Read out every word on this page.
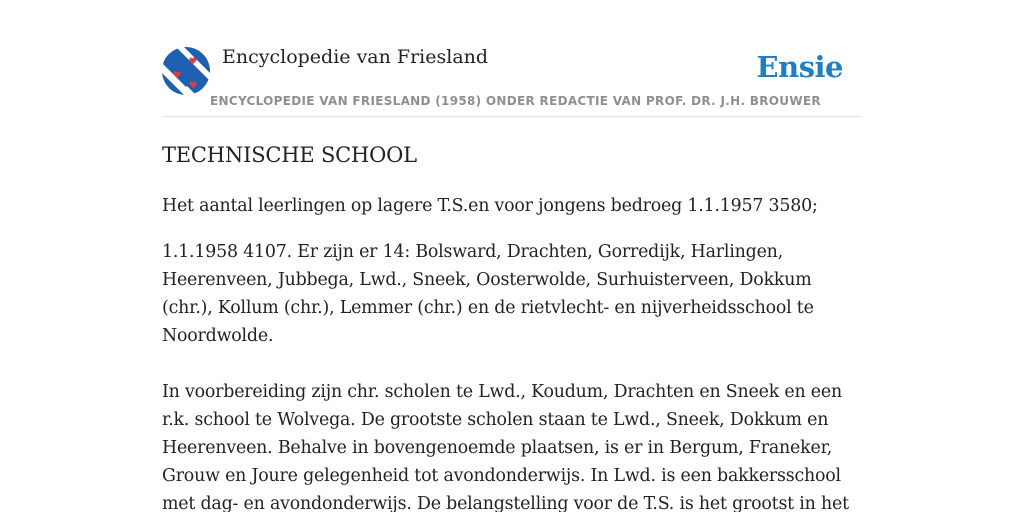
Encyclopedie van Friesland
ENCYCLOPEDIE VAN FRIESLAND (1958) ONDER REDACTIE VAN PROF. DR. J.H. BROUWER
Ensie
TECHNISCHE SCHOOL

Het aantal leerlingen op lagere T.S.en voor jongens bedroeg 1.1.1957 3580;

1.1.1958 4107. Er zijn er 14: Bolsward, Drachten, Gorredijk, Harlingen, Heerenveen, Jubbega, Lwd., Sneek, Oosterwolde, Surhuisterveen, Dokkum (chr.), Kollum (chr.), Lemmer (chr.) en de rietvlecht- en nijverheidsschool te Noordwolde.

In voorbereiding zijn chr. scholen te Lwd., Koudum, Drachten en Sneek en een r.k. school te Wolvega. De grootste scholen staan te Lwd., Sneek, Dokkum en Heerenveen. Behalve in bovengenoemde plaatsen, is er in Bergum, Franeker, Grouw en Joure gelegenheid tot avondonderwijs. In Lwd. is een bakkersschool met dag- en avondonderwijs. De belangstelling voor de T.S. is het grootst in het
